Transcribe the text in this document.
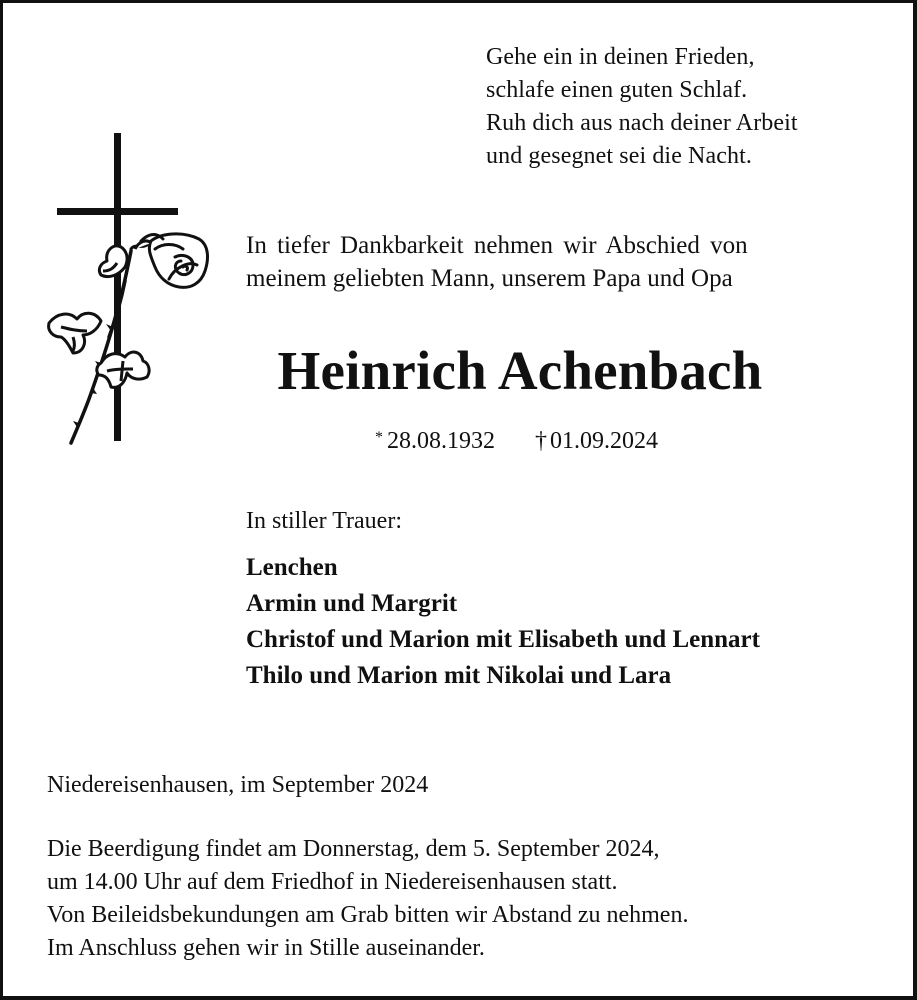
Gehe ein in deinen Frieden,
schlafe einen guten Schlaf.
Ruh dich aus nach deiner Arbeit
und gesegnet sei die Nacht.
In tiefer Dankbarkeit nehmen wir Abschied von
meinem geliebten Mann, unserem Papa und Opa
Heinrich Achenbach
* 28.08.1932 † 01.09.2024
In stiller Trauer:
Lenchen
Armin und Margrit
Christof und Marion mit Elisabeth und Lennart
Thilo und Marion mit Nikolai und Lara
Niedereisenhausen, im September 2024
Die Beerdigung findet am Donnerstag, dem 5. September 2024,
um 14.00 Uhr auf dem Friedhof in Niedereisenhausen statt.
Von Beileidsbekundungen am Grab bitten wir Abstand zu nehmen.
Im Anschluss gehen wir in Stille auseinander.
